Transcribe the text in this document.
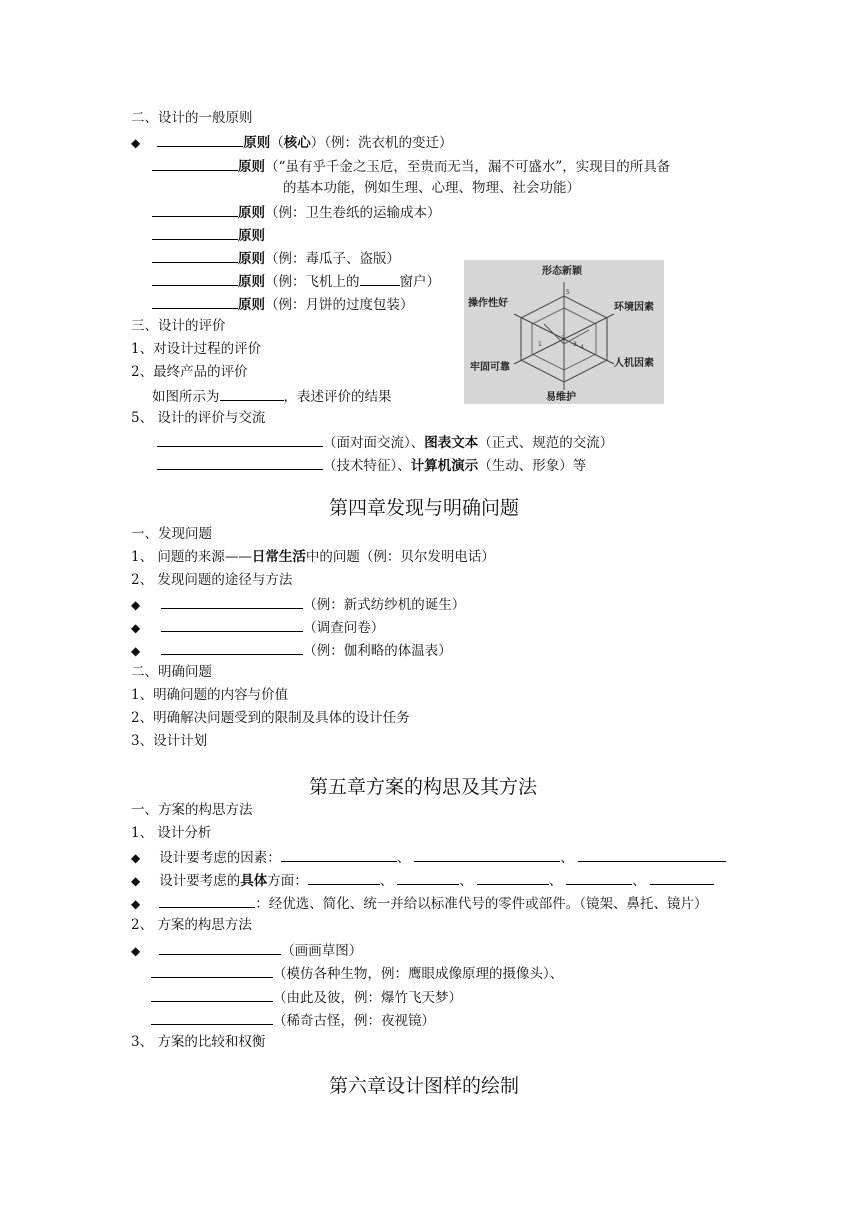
二、设计的一般原则
◆	原则（核心）（例：洗衣机的变迁）
原则（“虽有乎千金之玉卮，至贵而无当，漏不可盛水”，实现目的所具备
的基本功能，例如生理、心理、物理、社会功能）
原则（例：卫生卷纸的运输成本）
原则
原则（例：毒瓜子、盗版）
原则（例：飞机上的	窗户）
原则（例：月饼的过度包装）
三、设计的评价
1、对设计过程的评价
2、最终产品的评价
如图所示为	，表述评价的结果
5、 设计的评价与交流
（面对面交流）、图表文本（正式、规范的交流）
（技术特征）、计算机演示（生动、形象）等
5
4
3
2
1
形态新颖
环境因素
人机因素
易维护
牢固可靠
操作性好
第四章发现与明确问题
一、发现问题
1、 问题的来源——日常生活中的问题（例：贝尔发明电话）
2、 发现问题的途径与方法
◆	（例：新式纺纱机的诞生）
◆	（调查问卷）
◆	（例：伽利略的体温表）
二、明确问题
1、明确问题的内容与价值
2、明确解决问题受到的限制及具体的设计任务
3、设计计划
第五章方案的构思及其方法
一、方案的构思方法
1、 设计分析
◆ 设计要考虑的因素：	、	、
◆ 设计要考虑的具体方面：	、	、	、	、
◆	：经优选、简化、统一并给以标准代号的零件或部件。（镜架、鼻托、镜片）
2、 方案的构思方法
◆	（画画草图）
（模仿各种生物，例：鹰眼成像原理的摄像头）、
（由此及彼，例：爆竹飞天梦）
（稀奇古怪，例：夜视镜）
3、 方案的比较和权衡
第六章设计图样的绘制
